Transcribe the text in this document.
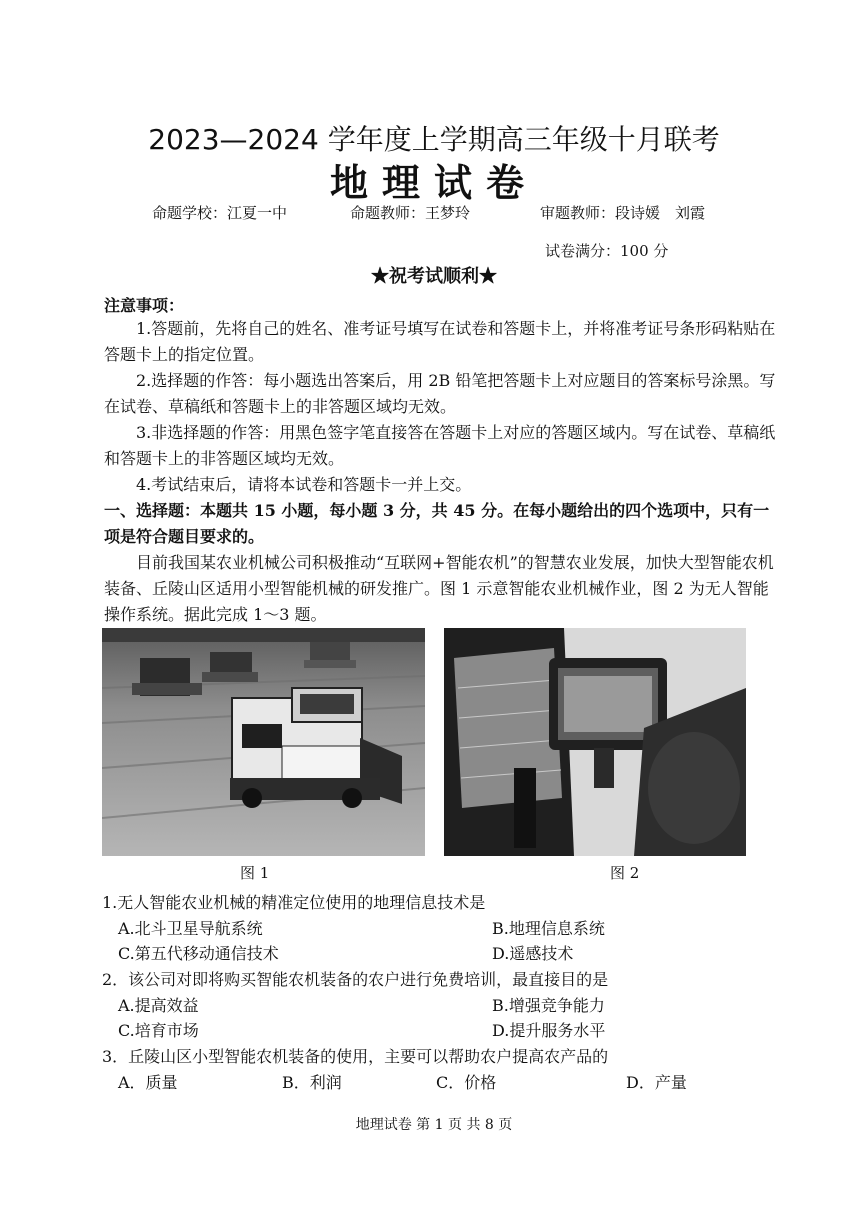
2023—2024 学年度上学期高三年级十月联考
地理试卷
命题学校：江夏一中	命题教师：王梦玲	审题教师：段诗媛　刘霞
试卷满分：100 分
★祝考试顺利★
注意事项：
1.答题前，先将自己的姓名、准考证号填写在试卷和答题卡上，并将准考证号条形码粘贴在答题卡上的指定位置。
2.选择题的作答：每小题选出答案后，用 2B 铅笔把答题卡上对应题目的答案标号涂黑。写在试卷、草稿纸和答题卡上的非答题区域均无效。
3.非选择题的作答：用黑色签字笔直接答在答题卡上对应的答题区域内。写在试卷、草稿纸和答题卡上的非答题区域均无效。
4.考试结束后，请将本试卷和答题卡一并上交。
一、选择题：本题共 15 小题，每小题 3 分，共 45 分。在每小题给出的四个选项中，只有一项是符合题目要求的。
目前我国某农业机械公司积极推动“互联网+智能农机”的智慧农业发展，加快大型智能农机装备、丘陵山区适用小型智能机械的研发推广。图 1 示意智能农业机械作业，图 2 为无人智能操作系统。据此完成 1～3 题。
图 1	图 2
1.无人智能农业机械的精准定位使用的地理信息技术是
A.北斗卫星导航系统	B.地理信息系统
C.第五代移动通信技术	D.遥感技术
2．该公司对即将购买智能农机装备的农户进行免费培训，最直接目的是
A.提高效益	B.增强竞争能力
C.培育市场	D.提升服务水平
3．丘陵山区小型智能农机装备的使用，主要可以帮助农户提高农产品的
A．质量	B．利润	C．价格	D．产量
地理试卷 第 1 页 共 8 页
